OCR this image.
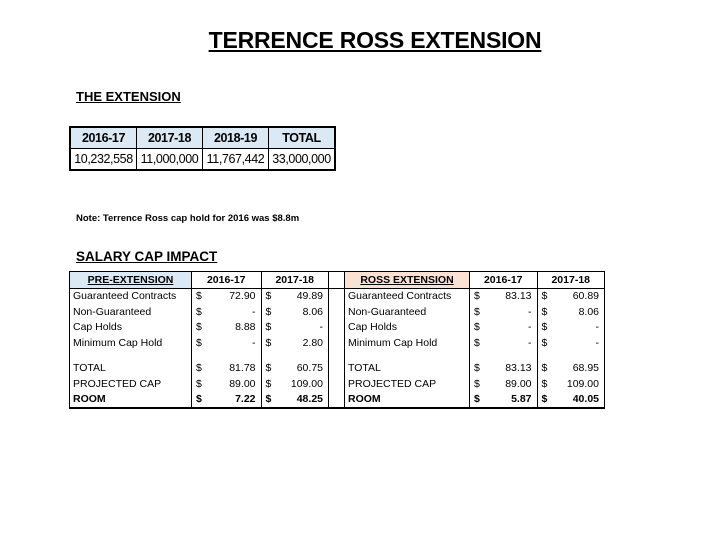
TERRENCE ROSS EXTENSION
THE EXTENSION
2016-17	2017-18	2018-19	TOTAL
10,232,558	11,000,000	11,767,442	33,000,000
Note: Terrence Ross cap hold for 2016 was $8.8m
SALARY CAP IMPACT
PRE-EXTENSION	2016-17		2017-18			ROSS EXTENSION	2016-17		2017-18	
Guaranteed Contracts	$	72.90	$	49.89		Guaranteed Contracts	$	83.13	$	60.89
Non-Guaranteed	$	-	$	8.06		Non-Guaranteed	$	-	$	8.06
Cap Holds	$	8.88	$	-		Cap Holds	$	-	$	-
Minimum Cap Hold	$	-	$	2.80		Minimum Cap Hold	$	-	$	-

TOTAL	$	81.78	$	60.75		TOTAL	$	83.13	$	68.95
PROJECTED CAP	$	89.00	$	109.00		PROJECTED CAP	$	89.00	$	109.00
ROOM	$	7.22	$	48.25		ROOM	$	5.87	$	40.05
